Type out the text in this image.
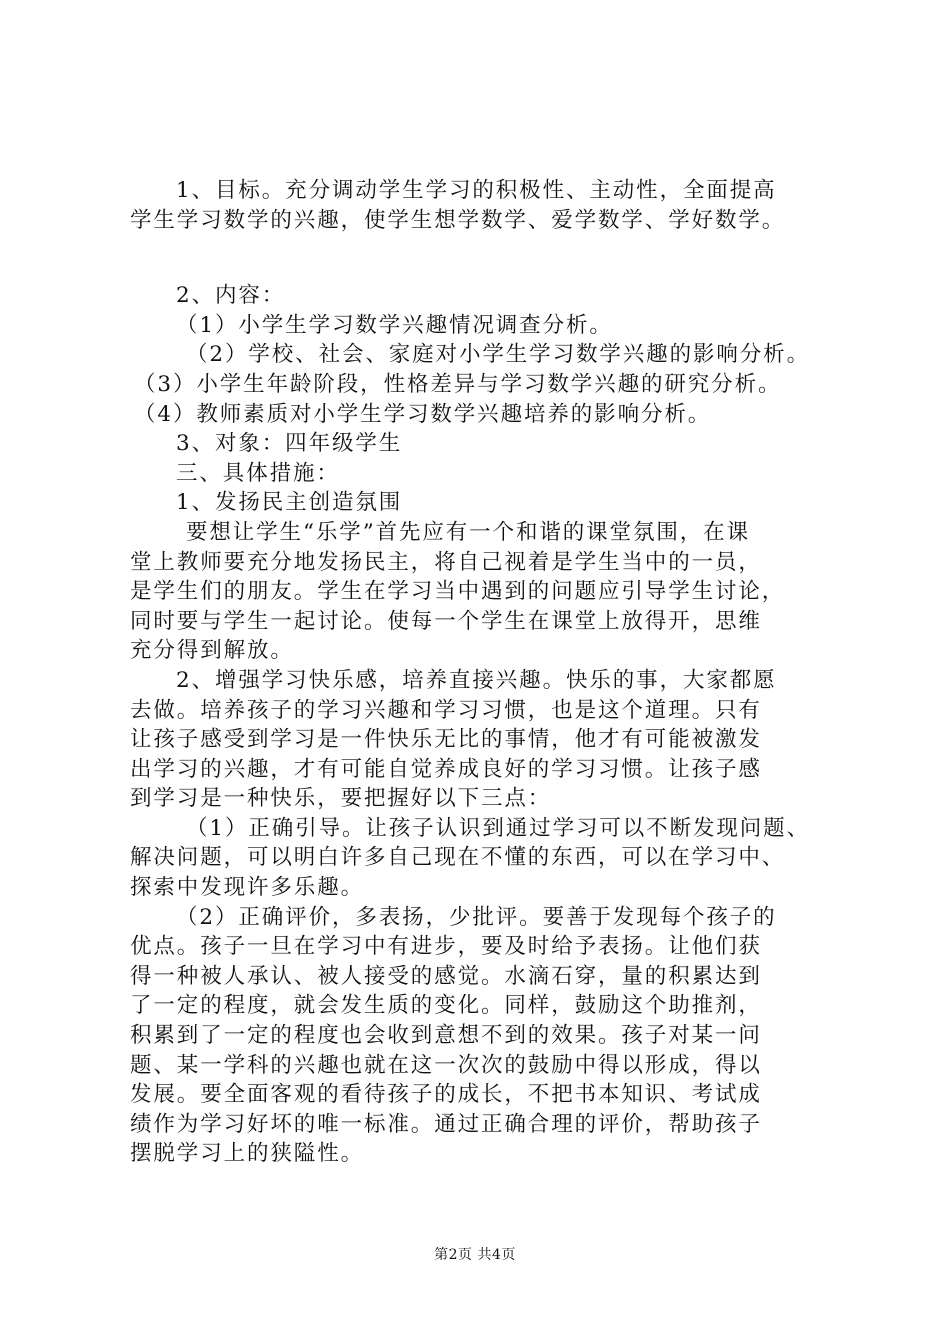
1、目标。充分调动学生学习的积极性、主动性，全面提高
学生学习数学的兴趣，使学生想学数学、爱学数学、学好数学。
2、内容：
（1）小学生学习数学兴趣情况调查分析。
（2）学校、社会、家庭对小学生学习数学兴趣的影响分析。
（3）小学生年龄阶段，性格差异与学习数学兴趣的研究分析。
（4）教师素质对小学生学习数学兴趣培养的影响分析。
3、对象：四年级学生
三、具体措施：
1、发扬民主创造氛围
要想让学生“乐学”首先应有一个和谐的课堂氛围，在课
堂上教师要充分地发扬民主，将自己视着是学生当中的一员，
是学生们的朋友。学生在学习当中遇到的问题应引导学生讨论，
同时要与学生一起讨论。使每一个学生在课堂上放得开，思维
充分得到解放。
2、增强学习快乐感，培养直接兴趣。快乐的事，大家都愿
去做。培养孩子的学习兴趣和学习习惯，也是这个道理。只有
让孩子感受到学习是一件快乐无比的事情，他才有可能被激发
出学习的兴趣，才有可能自觉养成良好的学习习惯。让孩子感
到学习是一种快乐，要把握好以下三点：
（1）正确引导。让孩子认识到通过学习可以不断发现问题、
解决问题，可以明白许多自己现在不懂的东西，可以在学习中、
探索中发现许多乐趣。
（2）正确评价，多表扬，少批评。要善于发现每个孩子的
优点。孩子一旦在学习中有进步，要及时给予表扬。让他们获
得一种被人承认、被人接受的感觉。水滴石穿，量的积累达到
了一定的程度，就会发生质的变化。同样，鼓励这个助推剂，
积累到了一定的程度也会收到意想不到的效果。孩子对某一问
题、某一学科的兴趣也就在这一次次的鼓励中得以形成，得以
发展。要全面客观的看待孩子的成长，不把书本知识、考试成
绩作为学习好坏的唯一标准。通过正确合理的评价，帮助孩子
摆脱学习上的狭隘性。
第2页 共4页
